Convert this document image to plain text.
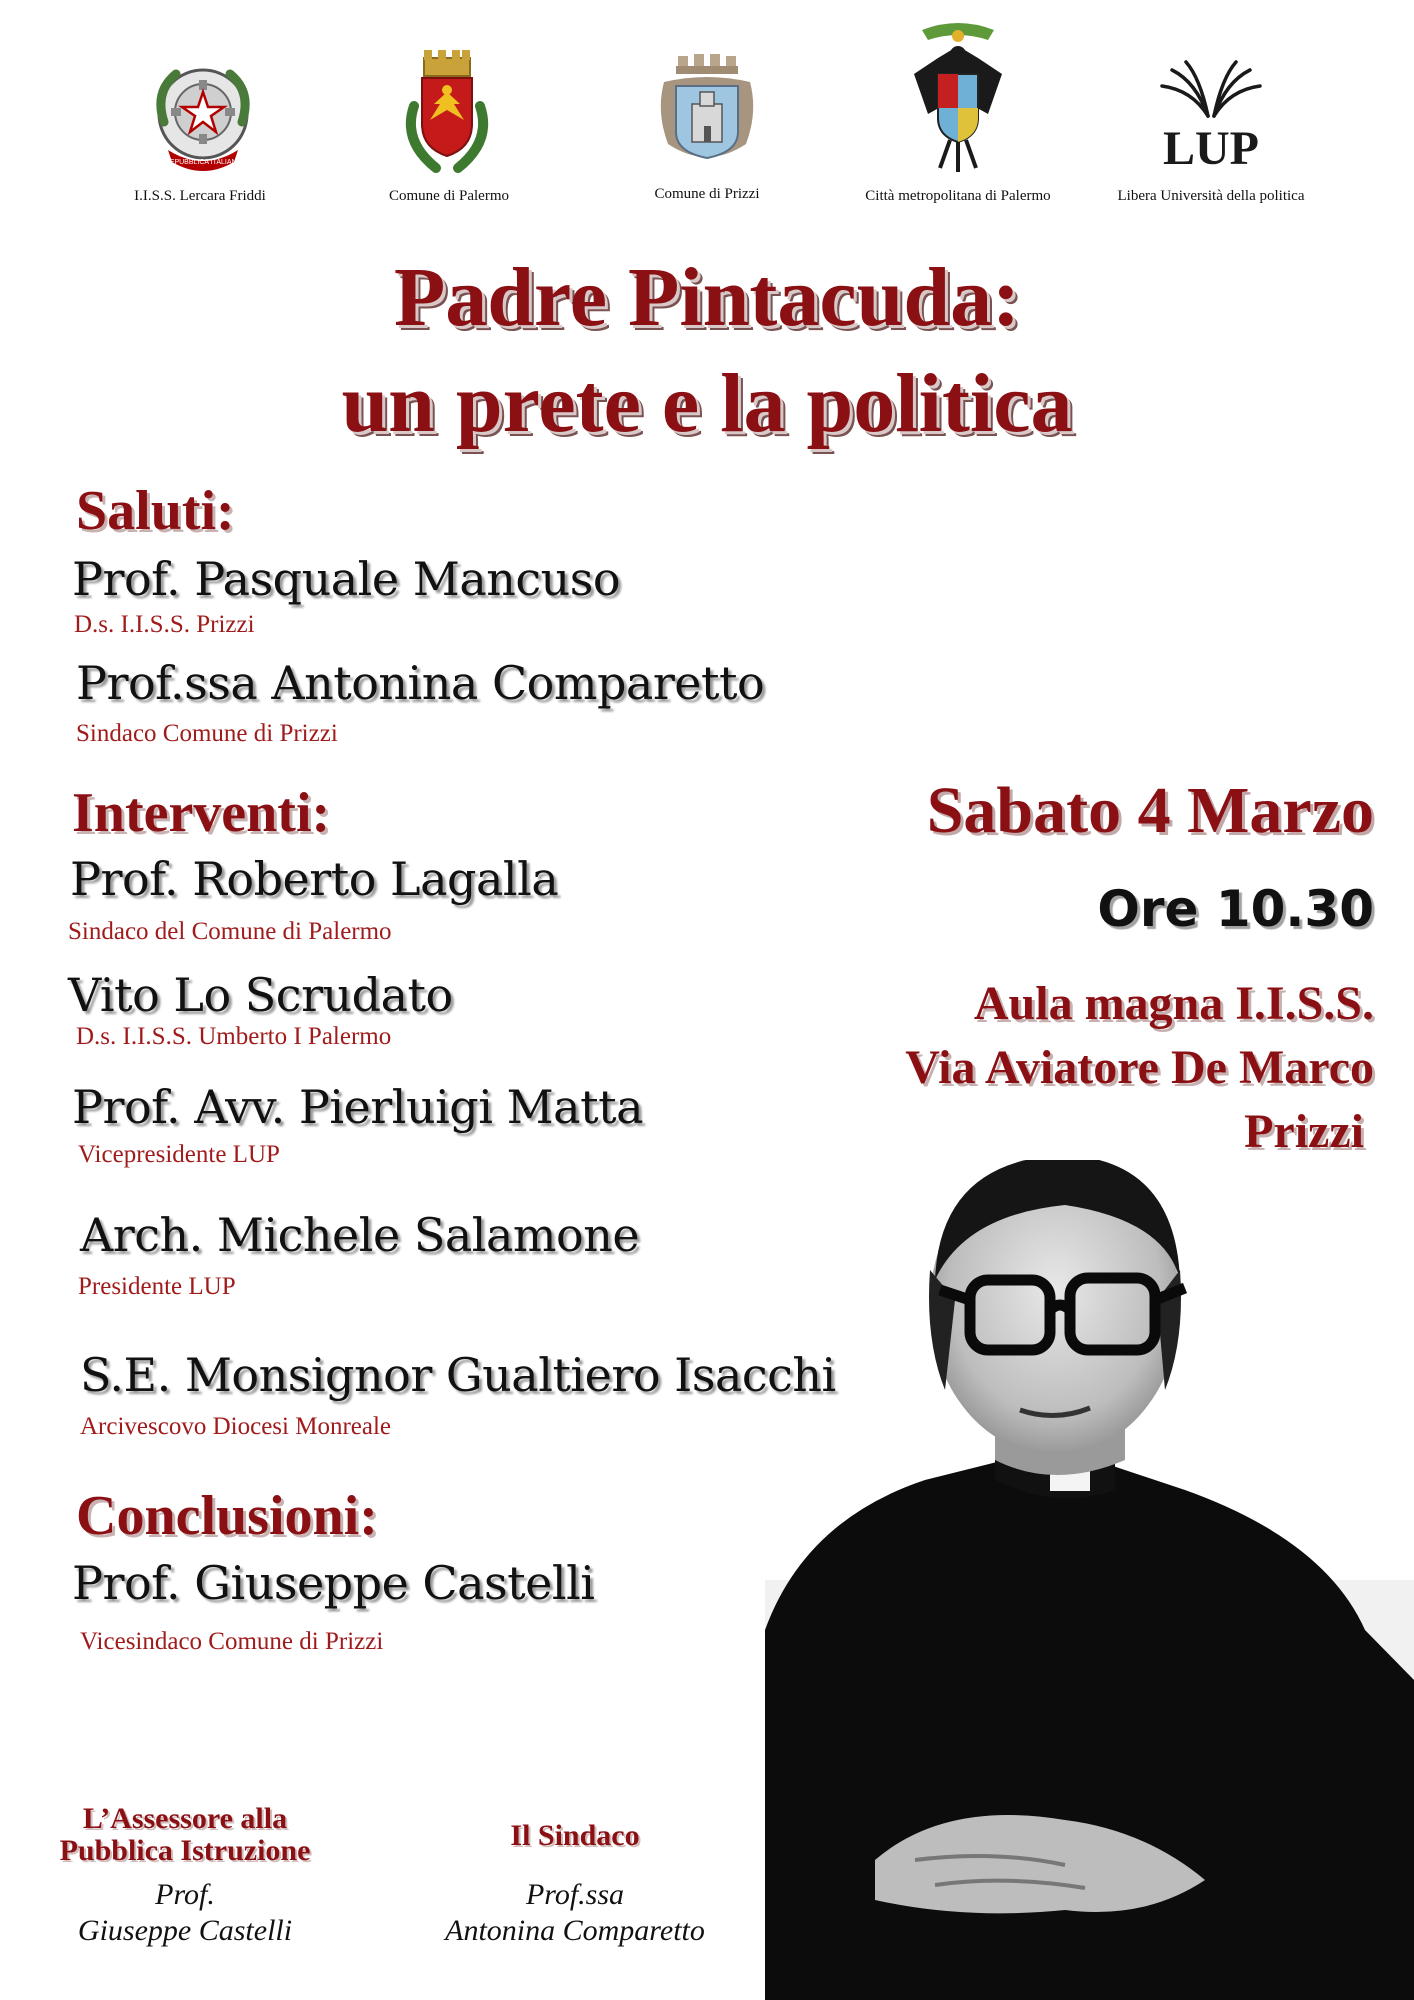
REPUBBLICA ITALIANA
I.I.S.S. Lercara Friddi	Comune di Palermo	Comune di Prizzi	Città metropolitana di Palermo
LUP
Libera Università della politica
Padre Pintacuda:
un prete e la politica
Saluti:
Prof. Pasquale Mancuso
D.s. I.I.S.S. Prizzi
Prof.ssa Antonina Comparetto
Sindaco Comune di Prizzi
Interventi:
Prof. Roberto Lagalla
Sindaco del Comune di Palermo
Vito Lo Scrudato
D.s. I.I.S.S. Umberto I Palermo
Prof. Avv. Pierluigi Matta
Vicepresidente LUP
Arch. Michele Salamone
Presidente LUP
S.E. Monsignor Gualtiero Isacchi
Arcivescovo Diocesi Monreale
Conclusioni:
Prof. Giuseppe Castelli
Vicesindaco Comune di Prizzi
Sabato 4 Marzo
Ore 10.30
Aula magna I.I.S.S.
Via Aviatore De Marco
Prizzi
L’Assessore alla
Pubblica Istruzione
Prof.
Giuseppe Castelli
Il Sindaco
Prof.ssa
Antonina Comparetto
